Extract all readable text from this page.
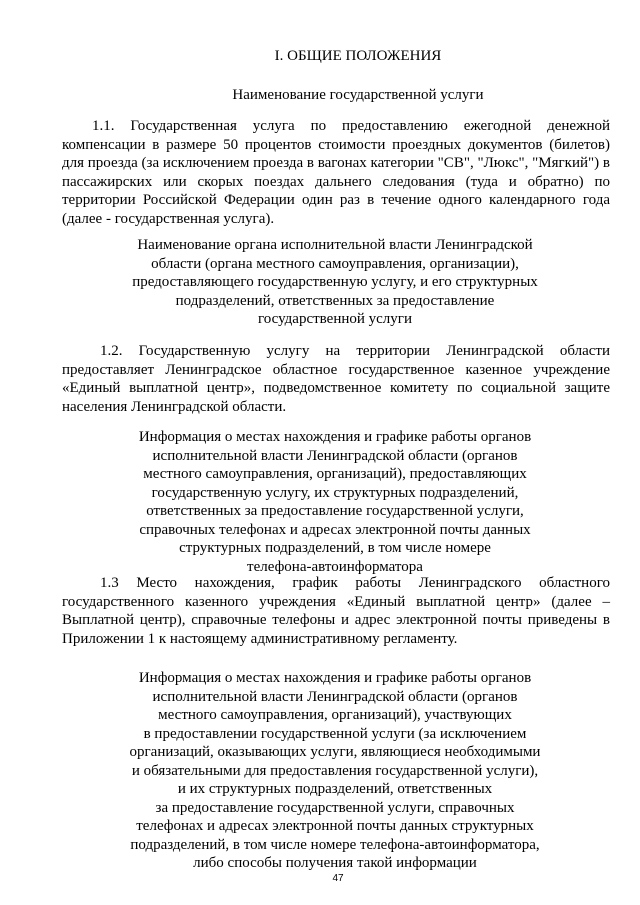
I. ОБЩИЕ ПОЛОЖЕНИЯ
Наименование государственной услуги
1.1. Государственная услуга по предоставлению ежегодной денежной компенсации в размере 50 процентов стоимости проездных документов (билетов) для проезда (за исключением проезда в вагонах категории "СВ", "Люкс", "Мягкий") в пассажирских или скорых поездах дальнего следования (туда и обратно) по территории Российской Федерации один раз в течение одного календарного года (далее - государственная услуга).
Наименование органа исполнительной власти Ленинградской
области (органа местного самоуправления, организации),
предоставляющего государственную услугу, и его структурных
подразделений, ответственных за предоставление
государственной услуги
1.2. Государственную услугу на территории Ленинградской области предоставляет Ленинградское областное государственное казенное учреждение «Единый выплатной центр», подведомственное комитету по социальной защите населения Ленинградской области.
Информация о местах нахождения и графике работы органов
исполнительной власти Ленинградской области (органов
местного самоуправления, организаций), предоставляющих
государственную услугу, их структурных подразделений,
ответственных за предоставление государственной услуги,
справочных телефонах и адресах электронной почты данных
структурных подразделений, в том числе номере
телефона-автоинформатора
1.3 Место нахождения, график работы Ленинградского областного государственного казенного учреждения «Единый выплатной центр» (далее – Выплатной центр), справочные телефоны и адрес электронной почты приведены в Приложении 1 к настоящему административному регламенту.
Информация о местах нахождения и графике работы органов
исполнительной власти Ленинградской области (органов
местного самоуправления, организаций), участвующих
в предоставлении государственной услуги (за исключением
организаций, оказывающих услуги, являющиеся необходимыми
и обязательными для предоставления государственной услуги),
и их структурных подразделений, ответственных
за предоставление государственной услуги, справочных
телефонах и адресах электронной почты данных структурных
подразделений, в том числе номере телефона-автоинформатора,
либо способы получения такой информации
47
